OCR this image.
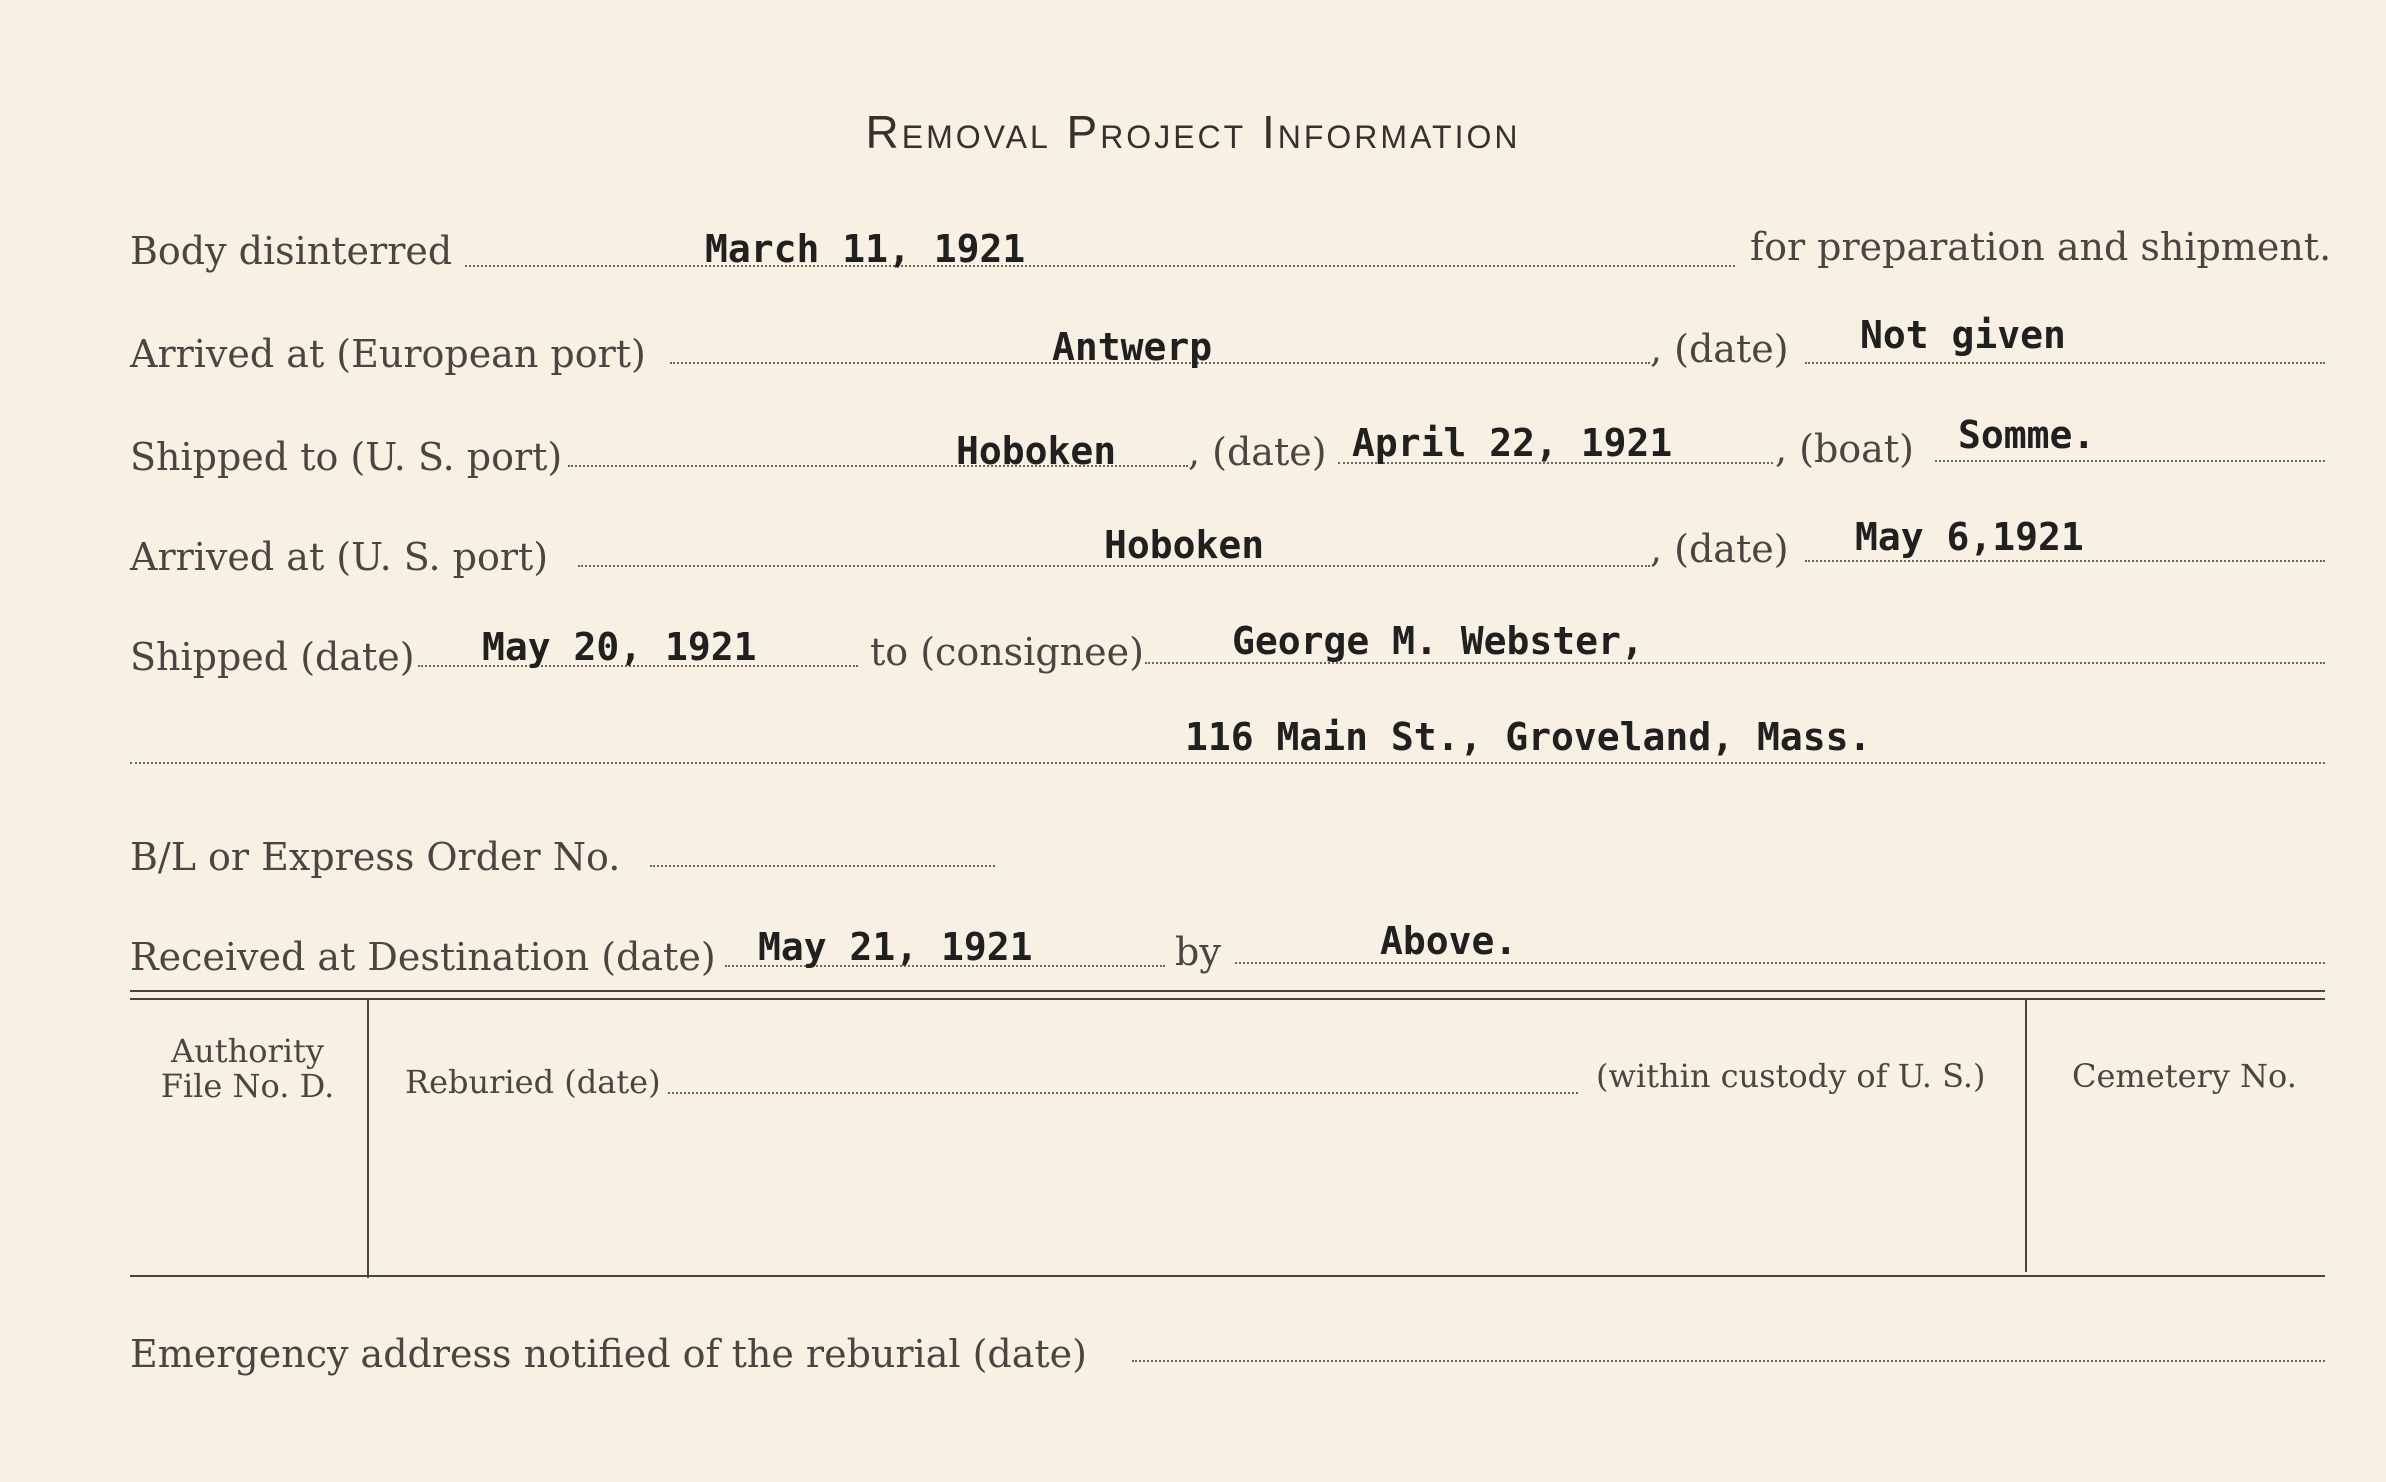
Removal Project Information
Body disinterred	March 11, 1921	for preparation and shipment.
Arrived at (European port)	Antwerp	, (date) Not given
Shipped to (U. S. port)	Hoboken , (date) April 22, 1921	, (boat) Somme.
Arrived at (U. S. port)	Hoboken	, (date) May 6,1921
Shipped (date) May 20, 1921	to (consignee) George M. Webster,
116 Main St., Groveland, Mass.
B/L or Express Order No.
Received at Destination (date) May 21, 1921	by	Above.
Authority
File No. D.	Reburied (date)	(within custody of U. S.)	Cemetery No.
Emergency address notified of the reburial (date)
